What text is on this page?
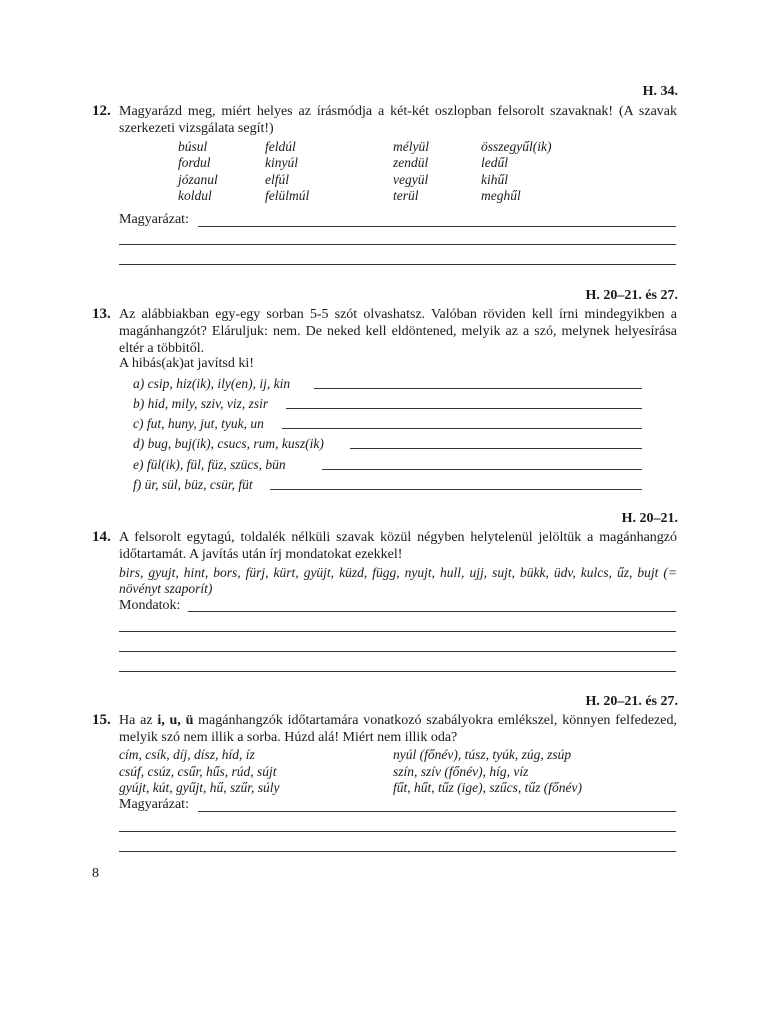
H. 34.
12. Magyarázd meg, miért helyes az írásmódja a két-két oszlopban felsorolt szavaknak! (A szavak szerkezeti vizsgálata segít!)
búsul
fordul
józanul
koldul
feldúl
kinyúl
elfúl
felülmúl
mélyül
zendül
vegyül
terül
összegyűl(ik)
ledűl
kihűl
meghűl
Magyarázat:
H. 20–21. és 27.
13. Az alábbiakban egy-egy sorban 5-5 szót olvashatsz. Valóban röviden kell írni mindegyikben a magánhangzót? Eláruljuk: nem. De neked kell eldöntened, melyik az a szó, melynek helyesírása eltér a többitől.
A hibás(ak)at javítsd ki!
a) csip, hiz(ik), ily(en), ij, kin
b) hid, mily, sziv, viz, zsir
c) fut, huny, jut, tyuk, un
d) bug, buj(ik), csucs, rum, kusz(ik)
e) fül(ik), fül, füz, szücs, bün
f) ür, sül, büz, csür, füt
H. 20–21.
14. A felsorolt egytagú, toldalék nélküli szavak közül négyben helytelenül jelöltük a magánhangzó időtartamát. A javítás után írj mondatokat ezekkel!
birs, gyujt, hint, bors, fürj, kürt, gyüjt, küzd, függ, nyujt, hull, ujj, sujt, bükk, üdv, kulcs, űz, bujt (= növényt szaporít)
Mondatok:
H. 20–21. és 27.
15. Ha az i, u, ü magánhangzók időtartamára vonatkozó szabályokra emlékszel, könnyen felfedezed, melyik szó nem illik a sorba. Húzd alá! Miért nem illik oda?
cím, csík, díj, dísz, híd, íz
csúf, csúz, csűr, hűs, rúd, sújt
gyújt, kút, gyűjt, hű, szűr, súly
nyúl (főnév), túsz, tyúk, zúg, zsúp
szín, szív (főnév), híg, víz
fűt, hűt, tűz (ige), szűcs, tűz (főnév)
Magyarázat:
8
